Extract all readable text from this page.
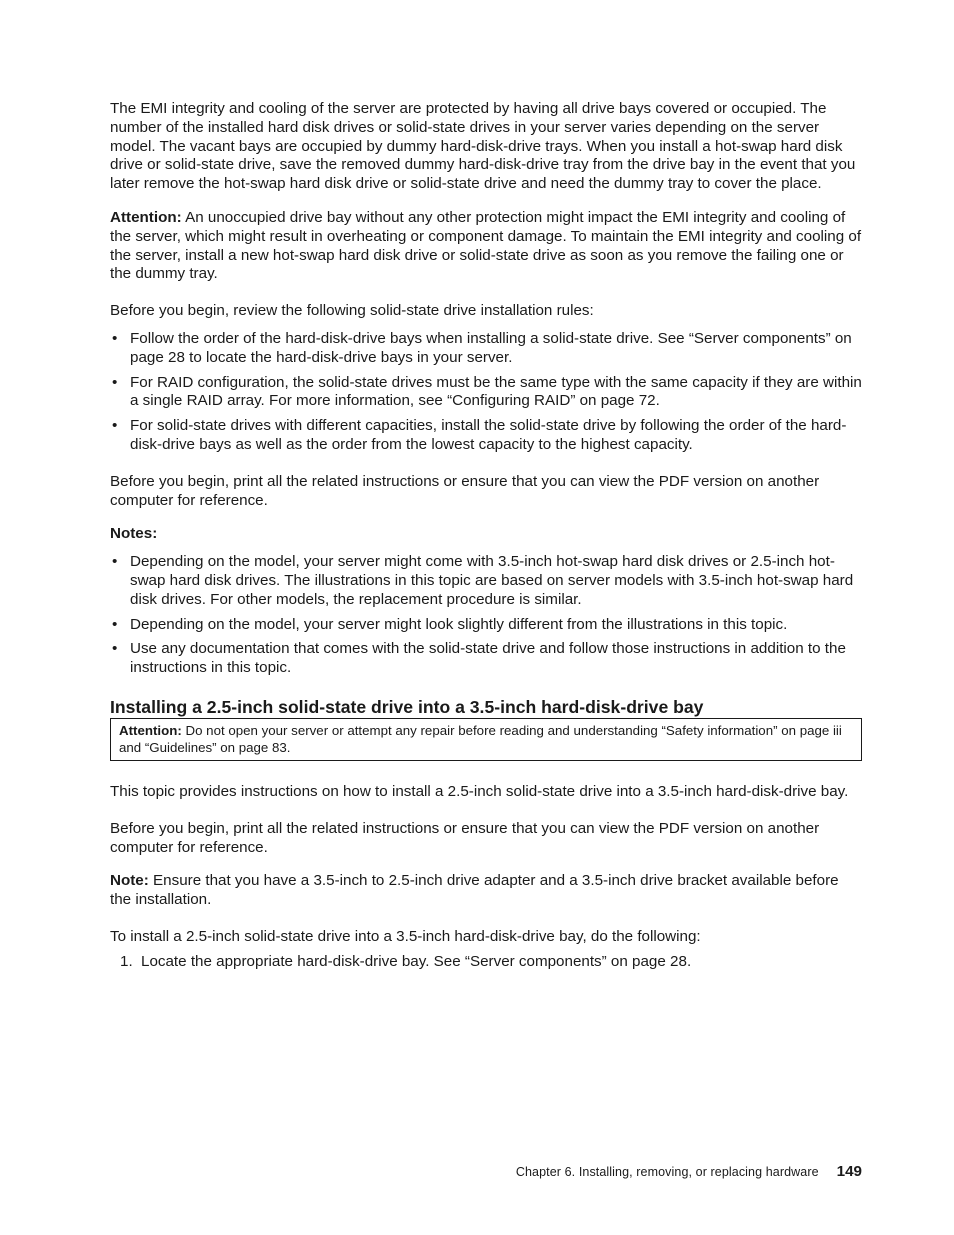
The EMI integrity and cooling of the server are protected by having all drive bays covered or occupied. The number of the installed hard disk drives or solid-state drives in your server varies depending on the server model. The vacant bays are occupied by dummy hard-disk-drive trays. When you install a hot-swap hard disk drive or solid-state drive, save the removed dummy hard-disk-drive tray from the drive bay in the event that you later remove the hot-swap hard disk drive or solid-state drive and need the dummy tray to cover the place.

Attention: An unoccupied drive bay without any other protection might impact the EMI integrity and cooling of the server, which might result in overheating or component damage. To maintain the EMI integrity and cooling of the server, install a new hot-swap hard disk drive or solid-state drive as soon as you remove the failing one or the dummy tray.

Before you begin, review the following solid-state drive installation rules:

• Follow the order of the hard-disk-drive bays when installing a solid-state drive. See “Server components” on page 28 to locate the hard-disk-drive bays in your server.
• For RAID configuration, the solid-state drives must be the same type with the same capacity if they are within a single RAID array. For more information, see “Configuring RAID” on page 72.
• For solid-state drives with different capacities, install the solid-state drive by following the order of the hard-disk-drive bays as well as the order from the lowest capacity to the highest capacity.

Before you begin, print all the related instructions or ensure that you can view the PDF version on another computer for reference.

Notes:

• Depending on the model, your server might come with 3.5-inch hot-swap hard disk drives or 2.5-inch hot-swap hard disk drives. The illustrations in this topic are based on server models with 3.5-inch hot-swap hard disk drives. For other models, the replacement procedure is similar.
• Depending on the model, your server might look slightly different from the illustrations in this topic.
• Use any documentation that comes with the solid-state drive and follow those instructions in addition to the instructions in this topic.
Installing a 2.5-inch solid-state drive into a 3.5-inch hard-disk-drive bay
Attention: Do not open your server or attempt any repair before reading and understanding “Safety information” on page iii and “Guidelines” on page 83.

This topic provides instructions on how to install a 2.5-inch solid-state drive into a 3.5-inch hard-disk-drive bay.

Before you begin, print all the related instructions or ensure that you can view the PDF version on another computer for reference.

Note: Ensure that you have a 3.5-inch to 2.5-inch drive adapter and a 3.5-inch drive bracket available before the installation.

To install a 2.5-inch solid-state drive into a 3.5-inch hard-disk-drive bay, do the following:

1. Locate the appropriate hard-disk-drive bay. See “Server components” on page 28.
Chapter 6. Installing, removing, or replacing hardware 149
